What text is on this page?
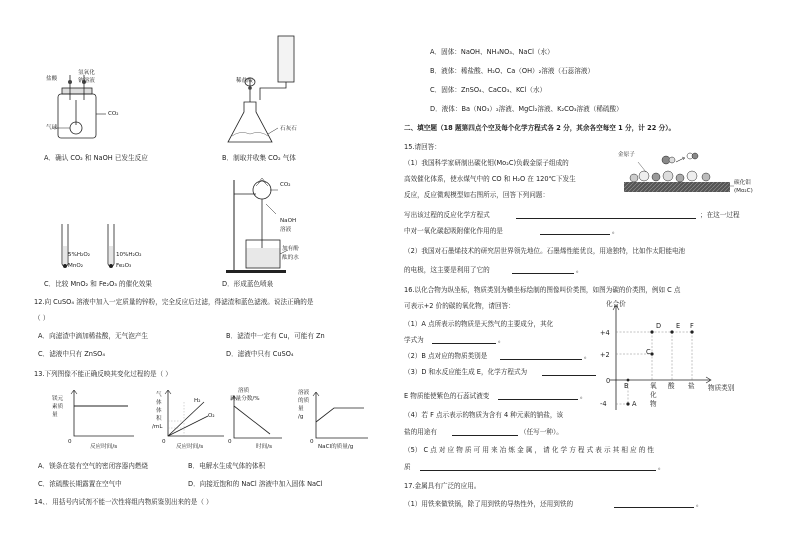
盐酸
氢氧化
钠溶液
CO₂
气球
A．确认 CO₂ 和 NaOH 已发生反应
稀盐酸
石灰石
B．制取并收集 CO₂ 气体
5%H₂O₂
MnO₂
10%H₂O₂
Fe₂O₃
C．比较 MnO₂ 和 Fe₂O₃ 的催化效果
CO₂
NaOH
溶液
加有酚
酞的水
D．形成蓝色喷泉
12.向 CuSO₄ 溶液中加入一定质量的锌粉，完全反应后过滤，得滤渣和蓝色滤液。说法正确的是
（ ）
A．向滤渣中滴加稀盐酸，无气泡产生	B．滤渣中一定有 Cu，可能有 Zn
C．滤液中只有 ZnSO₄	D．滤液中只有 CuSO₄
13.下列图像不能正确反映其变化过程的是（ ）
镁元
素质
量
0
反应时间/s
气
体
体
积
/mL
H₂
O₂
0
反应时间/s
溶质
质量分数/%
0
时间/s
溶液
的质
量
/g
0
NaCl的质量/g
A．镁条在装有空气的密闭容器内燃烧	B．电解水生成气体的体积
C．浓硫酸长期露置在空气中	D．向接近饱和的 NaCl 溶液中加入固体 NaCl
14、．用括号内试剂不能一次性将组内物质鉴别出来的是（ ）
A．固体：NaOH、NH₄NO₃、NaCl（水）
B．液体：稀盐酸、H₂O、Ca（OH）₂溶液（石蕊溶液）
C．固体：ZnSO₄、CaCO₃、KCl（水）
D．液体：Ba（NO₃）₂溶液、MgCl₂溶液、K₂CO₃溶液（稀硫酸）
二、填空题（18 题第四点个空及每个化学方程式各 2 分，其余各空每空 1 分，计 22 分）。
15.请回答：
（1）我国科学家研制出碳化钼(Mo₂C)负载金原子组成的
高效催化体系，使水煤气中的 CO 和 H₂O 在 120℃下发生
反应，反应微观模型如右图所示，回答下列问题：
写出该过程的反应化学方程式	；在这一过程
中对一氧化碳起吸附催化作用的是	。
金原子
碳化钼
(Mo₂C)
（2）我国对石墨烯技术的研究居世界领先地位。石墨烯性能优良，用途独特，比如作太阳能电池
的电极，这主要是利用了它的	。
16.以化合物为纵坐标，物质类别为横坐标绘制的图像叫价类图，如图为碳的价类图，例如 C 点
可表示+2 价的碳的氧化物，请回答：
（1）A 点所表示的物质是天然气的主要成分，其化
学式为	。
（2）B 点对应的物质类别是	。
（3）D 和水反应能生成 E，化学方程式为
E 物质能使紫色的石蕊试液变	。
（4）若 F 点示表示的物质为含有 4 种元素的钠盐，该
盐的用途有	（任写一种）。
（5） C 点 对 应 物 质 可 用 来 冶 炼 金 属 ， 请 化 学 方 程 式 表 示 其 相 应 的 性
质	。
17.金属具有广泛的应用。
（1）用铁来做铁锅，除了用到铁的导热性外，还用到铁的	。
化合价
+4
+2
0
-4	A
C
D E F
B	氧
化
物
酸 盐 物质类别
